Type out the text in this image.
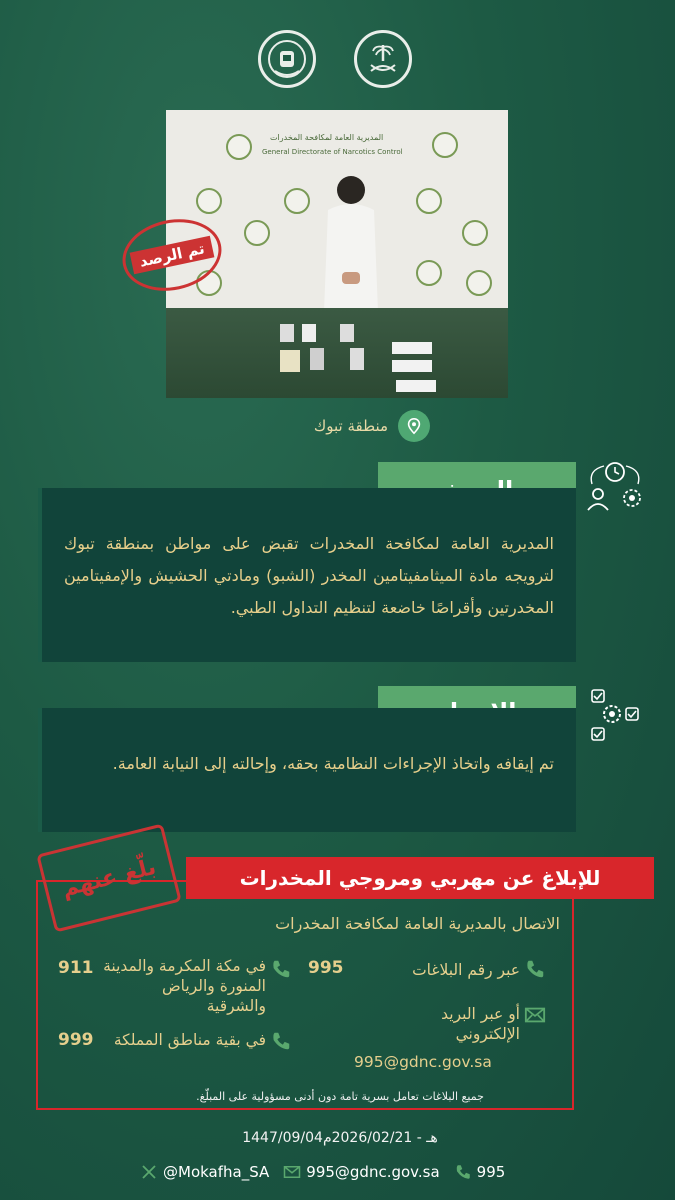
المديرية العامة لمكافحة المخدرات
General Directorate of Narcotics Control
تم الرصد
منطقة تبوك
المديرية العامة لمكافحة المخدرات تقبض على مواطن بمنطقة تبوك لترويجه مادة الميثامفيتامين المخدر (الشبو) ومادتي الحشيش والإمفيتامين المخدرتين وأقراصًا خاضعة لتنظيم التداول الطبي.
تم إيقافه واتخاذ الإجراءات النظامية بحقه، وإحالته إلى النيابة العامة.
للإبلاغ عن مهربي ومروجي المخدرات
بلّغ عنهم
الاتصال بالمديرية العامة لمكافحة المخدرات
عبر رقم البلاغات
995
أو عبر البريد الإلكتروني
995@gdnc.gov.sa
في مكة المكرمة والمدينة المنورة والرياض والشرقية
911
في بقية مناطق المملكة
999
جميع البلاغات تعامل بسرية تامة دون أدنى مسؤولية على المبلّغ.
1447/09/04هـ - 2026/02/21م
@Mokafha_SA 995@gdnc.gov.sa 995
